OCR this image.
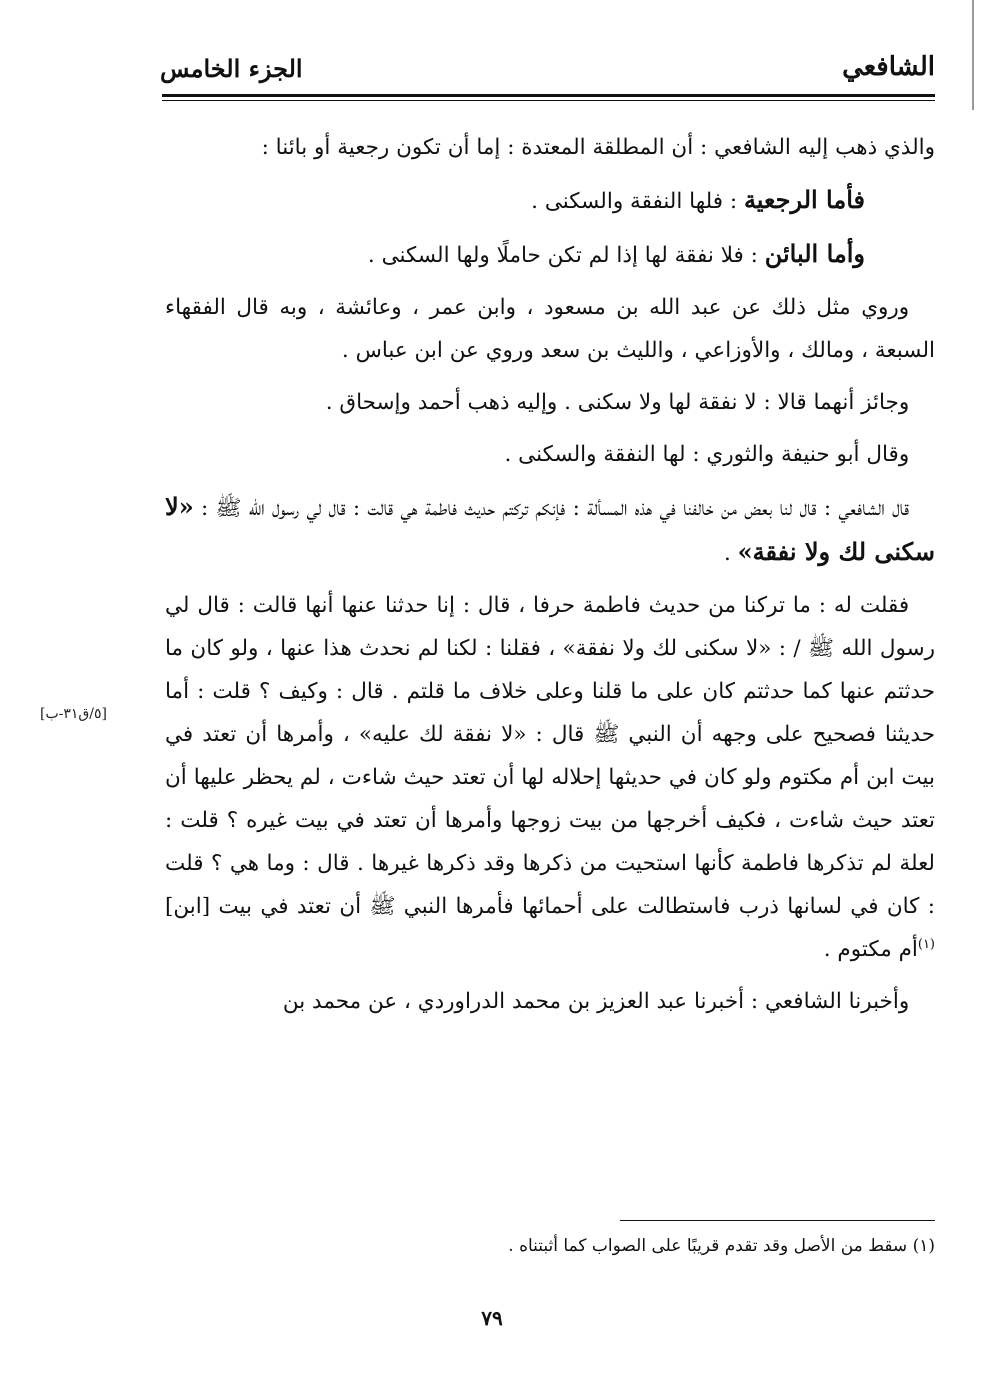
الشافعي
الجزء الخامس

والذي ذهب إليه الشافعي : أن المطلقة المعتدة : إما أن تكون رجعية أو بائنا :

فأما الرجعية : فلها النفقة والسكنى .

وأما البائن : فلا نفقة لها إذا لم تكن حاملًا ولها السكنى .

وروي مثل ذلك عن عبد الله بن مسعود ، وابن عمر ، وعائشة ، وبه قال الفقهاء السبعة ، ومالك ، والأوزاعي ، والليث بن سعد وروي عن ابن عباس .

وجائز أنهما قالا : لا نفقة لها ولا سكنى . وإليه ذهب أحمد وإسحاق .

وقال أبو حنيفة والثوري : لها النفقة والسكنى .

قال الشافعي : قال لنا بعض من خالفنا في هذه المسألة : فإنكم تركتم حديث فاطمة هي قالت : قال لي رسول الله ﷺ : «لا سكنى لك ولا نفقة» .

فقلت له : ما تركنا من حديث فاطمة حرفا ، قال : إنا حدثنا عنها أنها قالت : قال لي رسول الله ﷺ / : «لا سكنى لك ولا نفقة» ، فقلنا : لكنا لم نحدث هذا عنها ، ولو كان ما حدثتم عنها كما حدثتم كان على ما قلنا وعلى خلاف ما قلتم . قال : وكيف ؟ قلت : أما حديثنا فصحيح على وجهه أن النبي ﷺ قال : «لا نفقة لك عليه» ، وأمرها أن تعتد في بيت ابن أم مكتوم ولو كان في حديثها إحلاله لها أن تعتد حيث شاءت ، لم يحظر عليها أن تعتد حيث شاءت ، فكيف أخرجها من بيت زوجها وأمرها أن تعتد في بيت غيره ؟ قلت : لعلة لم تذكرها فاطمة كأنها استحيت من ذكرها وقد ذكرها غيرها . قال : وما هي ؟ قلت : كان في لسانها ذرب فاستطالت على أحمائها فأمرها النبي ﷺ أن تعتد في بيت [ابن]$^{(١)}$أم مكتوم .

وأخبرنا الشافعي : أخبرنا عبد العزيز بن محمد الدراوردي ، عن محمد بن

[٥/ق٣١-ب]
(١) سقط من الأصل وقد تقدم قريبًا على الصواب كما أثبتناه .
٧٩
